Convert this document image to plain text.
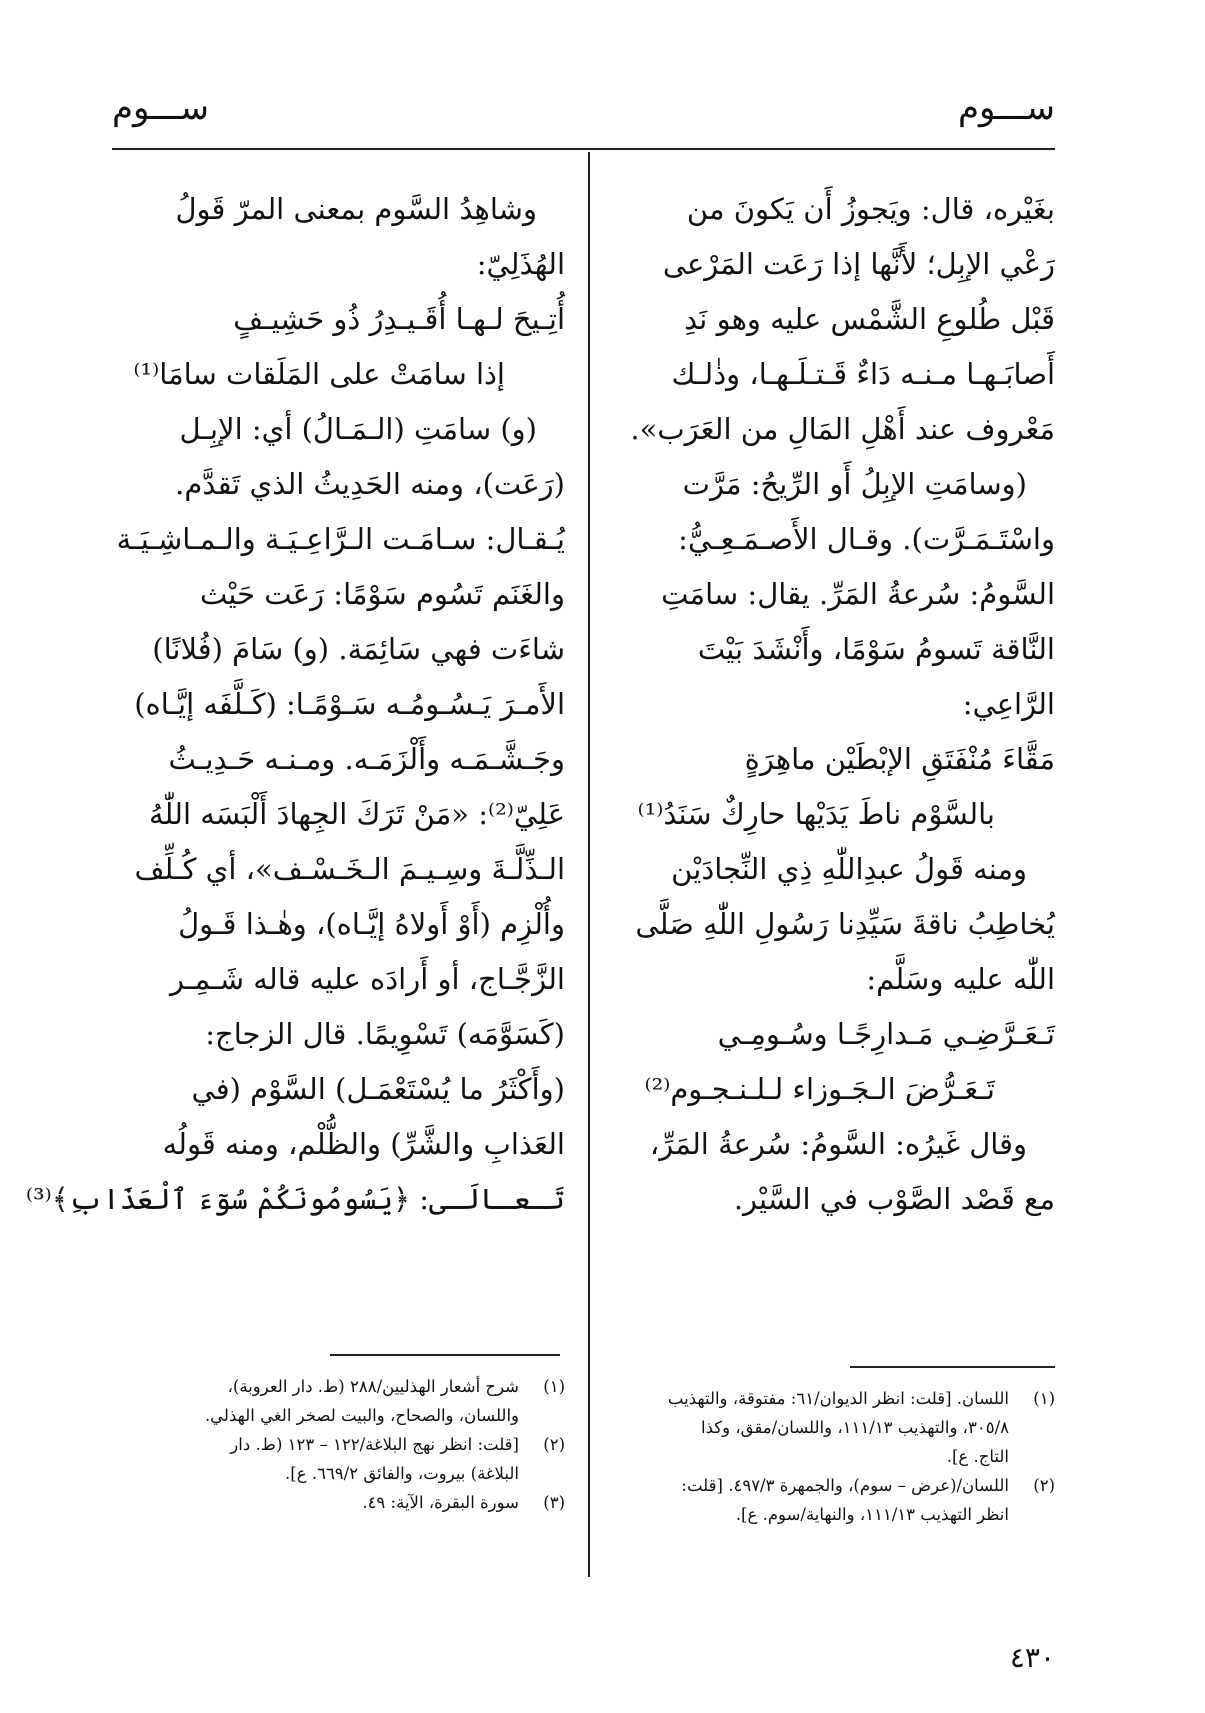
ســـوم
ســـوم
بغَيْره، قال: ويَجوزُ أَن يَكونَ من
رَعْي الإبِل؛ لأَنَّها إذا رَعَت المَرْعى
قَبْل طُلوعِ الشَّمْس عليه وهو نَدِ
أَصابَـهـا مـنـه دَاءٌ قَـتـلَـهـا، وذٰلـك
مَعْروف عند أَهْلِ المَالِ من العَرَب».
(وسامَتِ الإبِلُ أَو الرِّيحُ: مَرَّت
واسْتَـمَـرَّت). وقـال الأَصـمَـعِـيُّ:
السَّومُ: سُرعةُ المَرِّ. يقال: سامَتِ
النَّاقة تَسومُ سَوْمًا، وأَنْشَدَ بَيْتَ
الرَّاعِي:
مَقَّاءَ مُنْفَتَقِ الإبْطَيْن ماهِرَةٍ
بالسَّوْم ناطَ يَدَيْها حارِكٌ سَنَدُ⁽¹⁾
ومنه قَولُ عبدِاللّٰهِ ذِي النِّجادَيْن
يُخاطِبُ ناقةَ سَيِّدِنا رَسُولِ اللّٰهِ صَلَّى
اللّٰه عليه وسَلَّم:
تَـعَـرَّضِـي مَـدارِجًـا وسُـومِـي
تَـعَـرُّضَ الـجَـوزاء لـلـنـجـوم⁽²⁾
وقال غَيرُه: السَّومُ: سُرعةُ المَرِّ،
مع قَصْد الصَّوْب في السَّيْر.
وشاهِدُ السَّوم بمعنى المرّ قَولُ
الهُذَلِيّ:
أُتِـيحَ لـهـا أُقَـيـدِرُ ذُو حَشِيـفٍ
إذا سامَتْ على المَلَقات سامَا⁽¹⁾
(و) سامَتِ (الـمَـالُ) أي: الإبِـل
(رَعَت)، ومنه الحَدِيثُ الذي تَقدَّم.
يُـقـال: سـامَـت الـرَّاعِـيَـة والـمـاشِـيَـة
والغَنَم تَسُوم سَوْمًا: رَعَت حَيْث
شاءَت فهي سَائِمَة. (و) سَامَ (فُلانًا)
الأَمـرَ يَـسُـومُـه سَـوْمًـا: (كَـلَّفَه إيَّـاه)
وجَـشَّـمَـه وأَلْزَمَـه. ومـنـه حَـدِيـثُ
عَلِيّ⁽²⁾: «مَنْ تَرَكَ الجِهادَ أَلْبَسَه اللّٰهُ
الـذِّلَّـةَ وسِـيـمَ الـخَـسْـف»، أي كُـلِّف
وأُلْزِم (أَوْ أَولاهُ إيَّـاه)، وهٰـذا قَـولُ
الزَّجَّـاج، أو أَرادَه عليه قاله شَـمِـر
(كَسَوَّمَه) تَسْوِيمًا. قال الزجاج:
(وأَكْثَرُ ما يُسْتَعْمَـل) السَّوْم (في
العَذابِ والشَّرِّ) والظُّلْم، ومنه قَولُه
تَـعـالَـى: ﴿يَسُومُونَكُمْ سُوٓءَ ٱلْعَذَابِ﴾⁽³⁾
(١)اللسان. [قلت: انظر الديوان/٦١: مفتوقة، والتهذيب
٣٠٥/٨، والتهذيب ١١١/١٣، واللسان/مقق، وكذا
التاج. ع].
(٢)اللسان/(عرض – سوم)، والجمهرة ٤٩٧/٣. [قلت:
انظر التهذيب ١١١/١٣، والنهاية/سوم. ع].
(١)شرح أشعار الهذليين/٢٨٨ (ط. دار العروبة)،
واللسان، والصحاح، والبيت لصخر الغي الهذلي.
(٢)[قلت: انظر نهج البلاغة/١٢٢ – ١٢٣ (ط. دار
البلاغة) بيروت، والفائق ٦٦٩/٢. ع].
(٣)سورة البقرة، الآية: ٤٩.
٤٣٠
